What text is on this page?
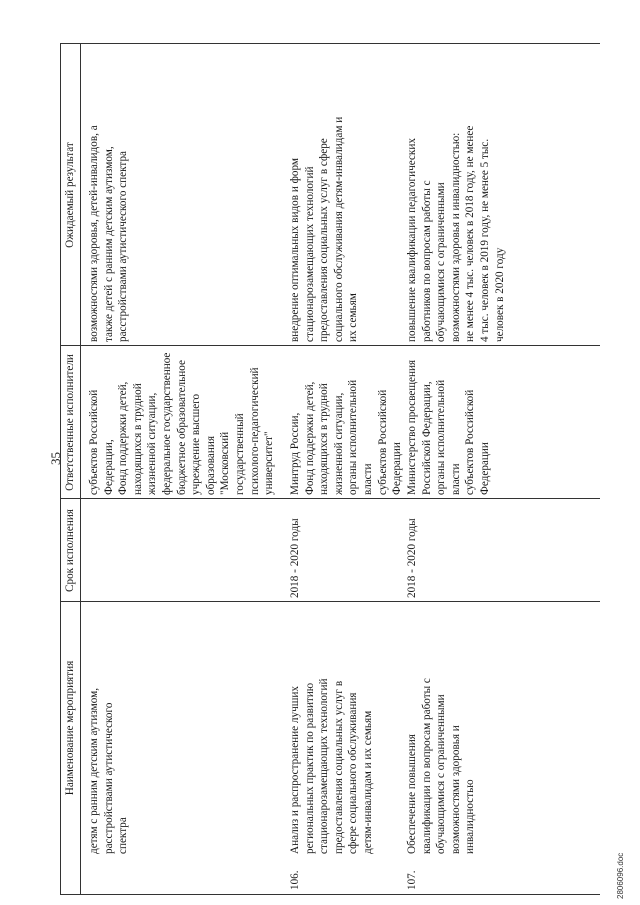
35
Наименование мероприятия
Срок исполнения
Ответственные исполнители
Ожидаемый результат
детям с ранним детским аутизмом,
расстройствами аутистического
спектра
субъектов Российской
Федерации,
Фонд поддержки детей,
находящихся в трудной
жизненной ситуации,
федеральное государственное
бюджетное образовательное
учреждение высшего
образования
"Московский государственный
психолого-педагогический
университет"
возможностями здоровья, детей-инвалидов, а
также детей с ранним детским аутизмом,
расстройствами аутистического спектра
106.
Анализ и распространение лучших
региональных практик по развитию
стационарозамещающих технологий
предоставления социальных услуг в
сфере социального обслуживания
детям-инвалидам и их семьям
2018 - 2020 годы
Минтруд России,
Фонд поддержки детей,
находящихся в трудной
жизненной ситуации,
органы исполнительной власти
субъектов Российской
Федерации
внедрение оптимальных видов и форм
стационарозамещающих технологий
предоставления социальных услуг в сфере
социального обслуживания детям-инвалидам и
их семьям
107.
Обеспечение повышения
квалификации по вопросам работы с
обучающимися с ограниченными
возможностями здоровья и
инвалидностью
2018 - 2020 годы
Министерство просвещения
Российской Федерации,
органы исполнительной власти
субъектов Российской
Федерации
повышение квалификации педагогических
работников по вопросам работы с
обучающимися с ограниченными
возможностями здоровья и инвалидностью:
не менее 4 тыс. человек в 2018 году, не менее
4 тыс. человек в 2019 году, не менее 5 тыс.
человек в 2020 году
2806096.doc
